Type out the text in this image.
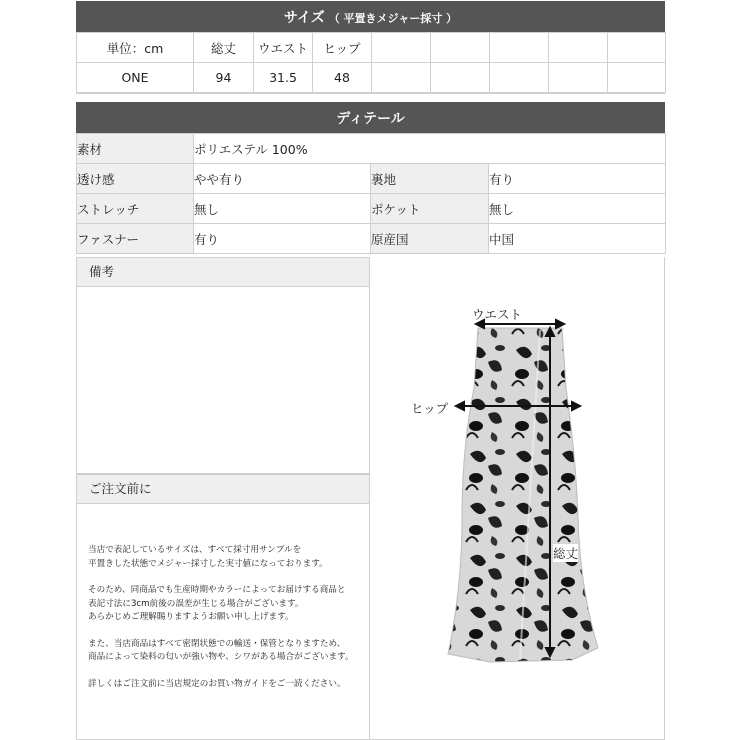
サイズ （ 平置きメジャー採寸 ）
単位：cm	総丈	ウエスト	ヒップ					
ONE	94	31.5	48					
ディテール
素材	ポリエステル 100%		
透け感	やや有り	裏地	有り
ストレッチ	無し	ポケット	無し
ファスナー	有り	原産国	中国
備考
ご注文前に

当店で表記しているサイズは、すべて採寸用サンプルを
平置きした状態でメジャー採寸した実寸値になっております。

そのため、同商品でも生産時期やカラーによってお届けする商品と
表記寸法に3cm前後の誤差が生じる場合がございます。
あらかじめご理解賜りますようお願い申し上げます。

また、当店商品はすべて密閉状態での輸送・保管となりますため、
商品によって染料の匂いが強い物や、シワがある場合がございます。

詳しくはご注文前に当店規定のお買い物ガイドをご一読ください。

ウエスト
ヒップ
総丈
